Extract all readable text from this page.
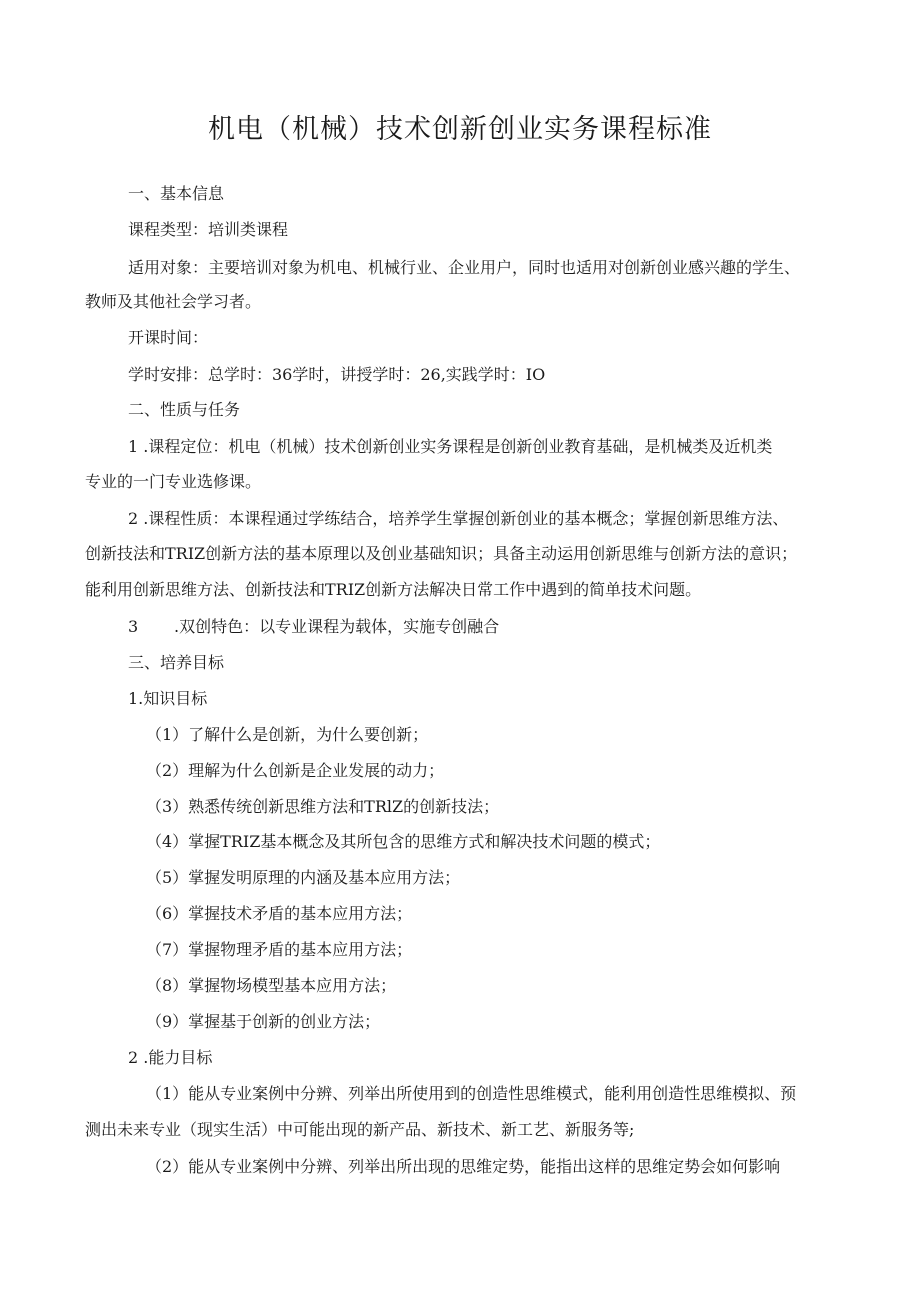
机电（机械）技术创新创业实务课程标准
一、基本信息
课程类型：培训类课程
适用对象：主要培训对象为机电、机械行业、企业用户，同时也适用对创新创业感兴趣的学生、
教师及其他社会学习者。
开课时间：
学时安排：总学时：36学时，讲授学时：26,实践学时：IO
二、性质与任务
1 .课程定位：机电（机械）技术创新创业实务课程是创新创业教育基础，是机械类及近机类
专业的一门专业选修课。
2 .课程性质：本课程通过学练结合，培养学生掌握创新创业的基本概念；掌握创新思维方法、
创新技法和TRIZ创新方法的基本原理以及创业基础知识；具备主动运用创新思维与创新方法的意识；
能利用创新思维方法、创新技法和TRIZ创新方法解决日常工作中遇到的简单技术问题。
3 .双创特色：以专业课程为载体，实施专创融合
三、培养目标
1.知识目标
（1）了解什么是创新，为什么要创新；
（2）理解为什么创新是企业发展的动力；
（3）熟悉传统创新思维方法和TRlZ的创新技法；
（4）掌握TRIZ基本概念及其所包含的思维方式和解决技术问题的模式；
（5）掌握发明原理的内涵及基本应用方法；
（6）掌握技术矛盾的基本应用方法；
（7）掌握物理矛盾的基本应用方法；
（8）掌握物场模型基本应用方法；
（9）掌握基于创新的创业方法；
2 .能力目标
（1）能从专业案例中分辨、列举出所使用到的创造性思维模式，能利用创造性思维模拟、预
测出未来专业（现实生活）中可能出现的新产品、新技术、新工艺、新服务等;
（2）能从专业案例中分辨、列举出所出现的思维定势，能指出这样的思维定势会如何影响
